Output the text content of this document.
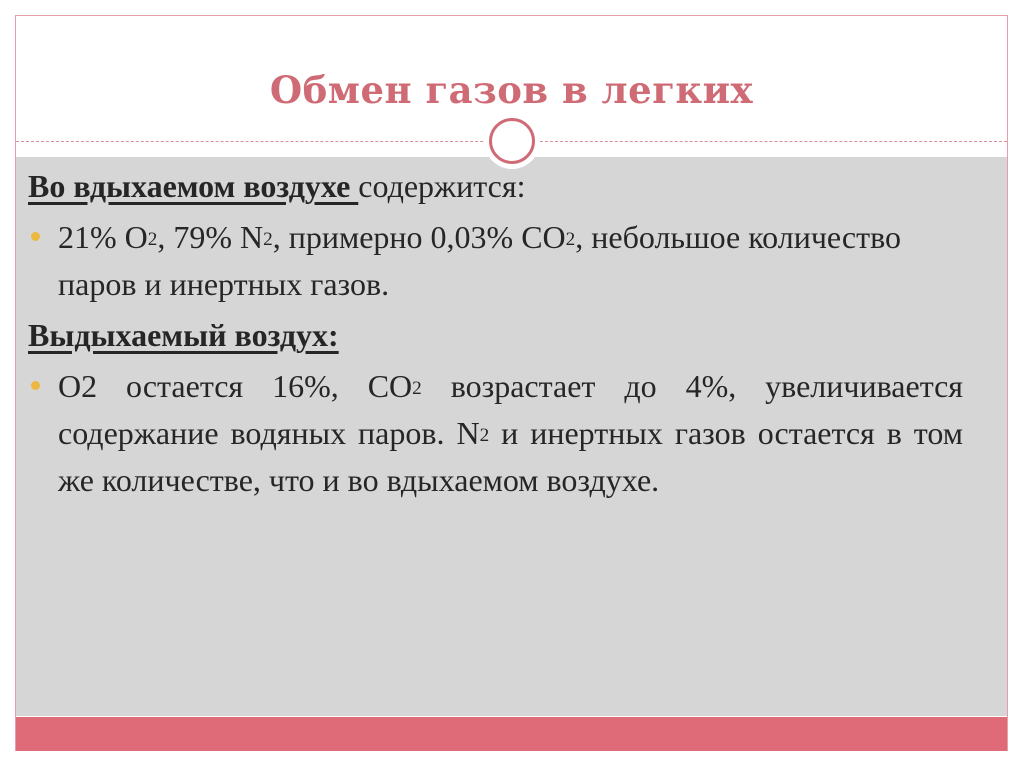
Обмен газов в легких
Во вдыхаемом воздухе содержится:
21% $O_2$, 79% $N_2$, примерно 0,03% $CO_2$, небольшое количество паров и инертных газов.
Выдыхаемый воздух:
O2 остается 16%, $CO_2$ возрастает до 4%, увеличивается содержание водяных паров. $N_2$ и инертных газов остается в том же количестве, что и во вдыхаемом воздухе.
